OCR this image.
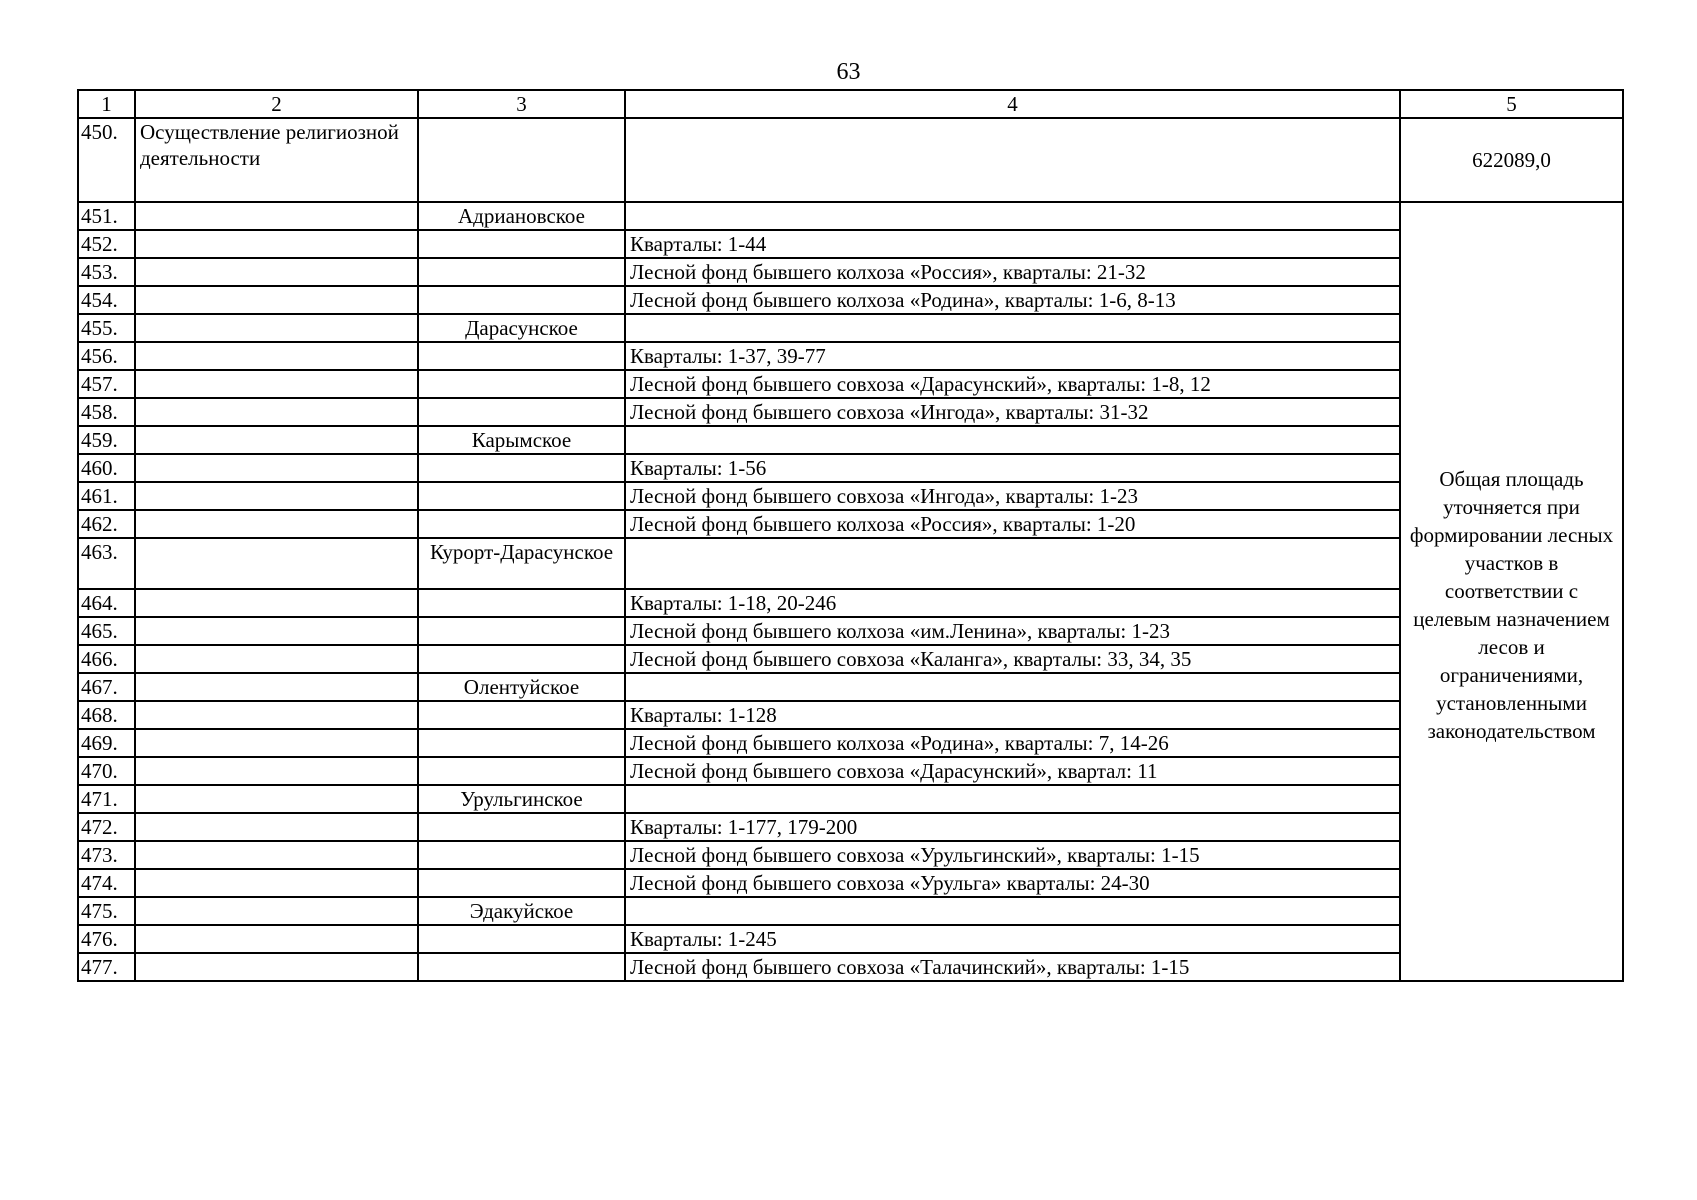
63
1	2	3	4	5
450.	Осуществление религиозной деятельности			622089,0
451.		Адриановское		Общая площадь уточняется при формировании лесных участков в соответствии с целевым назначением лесов и ограничениями, установленными законодательством
452.			Кварталы: 1-44	
453.			Лесной фонд бывшего колхоза «Россия», кварталы: 21-32	
454.			Лесной фонд бывшего колхоза «Родина», кварталы: 1-6, 8-13	
455.		Дарасунское		
456.			Кварталы: 1-37, 39-77	
457.			Лесной фонд бывшего совхоза «Дарасунский», кварталы: 1-8, 12	
458.			Лесной фонд бывшего совхоза «Ингода», кварталы: 31-32	
459.		Карымское		
460.			Кварталы: 1-56	
461.			Лесной фонд бывшего совхоза «Ингода», кварталы: 1-23	
462.			Лесной фонд бывшего колхоза «Россия», кварталы: 1-20	
463.		Курорт-Дарасунское		
464.			Кварталы: 1-18, 20-246	
465.			Лесной фонд бывшего колхоза «им.Ленина», кварталы: 1-23	
466.			Лесной фонд бывшего совхоза «Каланга», кварталы: 33, 34, 35	
467.		Олентуйское		
468.			Кварталы: 1-128	
469.			Лесной фонд бывшего колхоза «Родина», кварталы: 7, 14-26	
470.			Лесной фонд бывшего совхоза «Дарасунский», квартал: 11	
471.		Урульгинское		
472.			Кварталы: 1-177, 179-200	
473.			Лесной фонд бывшего совхоза «Урульгинский», кварталы: 1-15	
474.			Лесной фонд бывшего совхоза «Урульга» кварталы: 24-30	
475.		Эдакуйское		
476.			Кварталы: 1-245	
477.			Лесной фонд бывшего совхоза «Талачинский», кварталы: 1-15	
